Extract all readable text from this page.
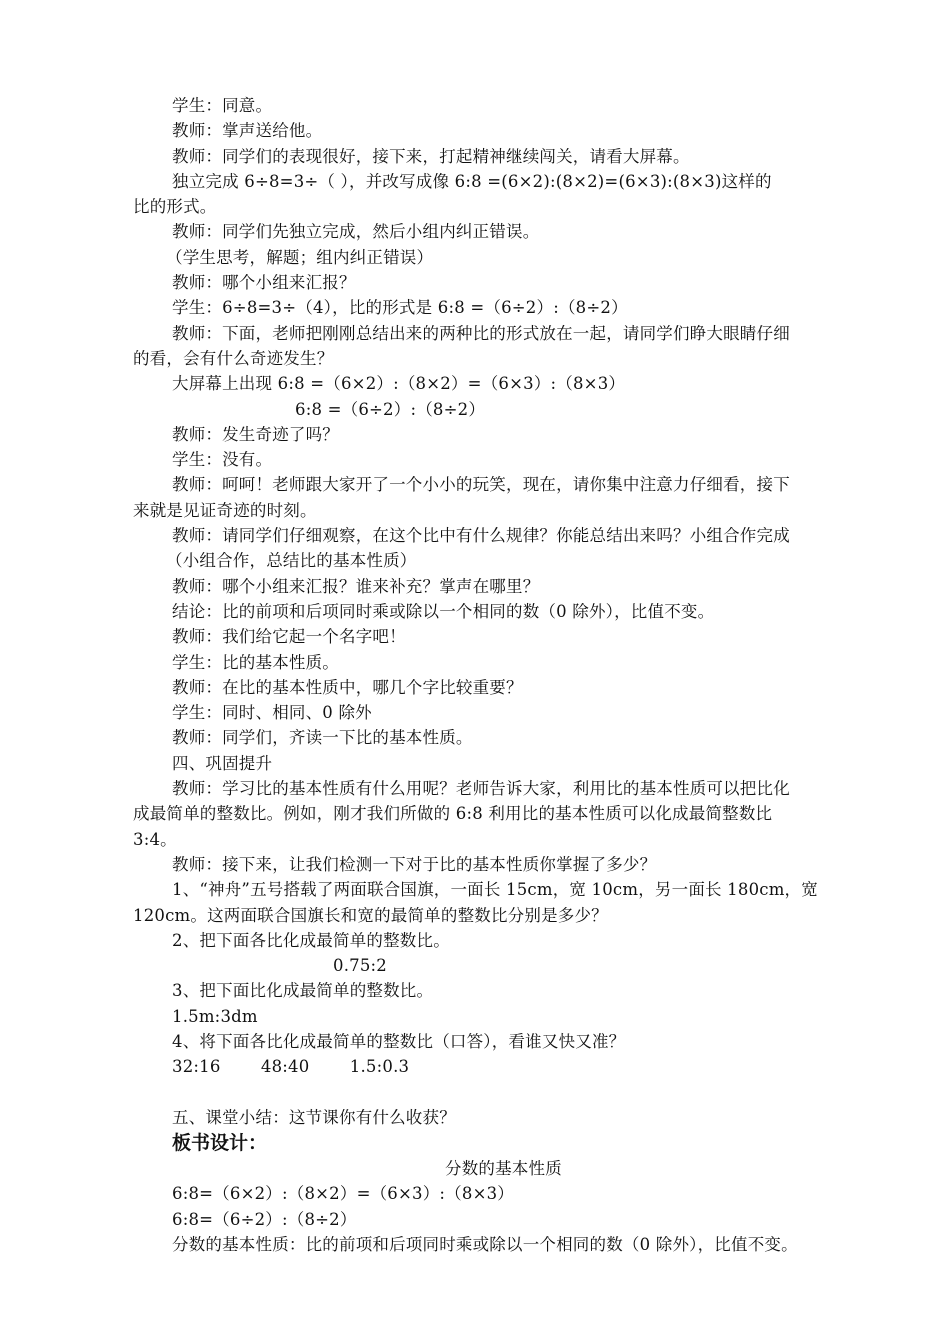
学生：同意。
教师：掌声送给他。
教师：同学们的表现很好，接下来，打起精神继续闯关，请看大屏幕。
独立完成 6÷8=3÷（ ），并改写成像 6:8 =(6×2):(8×2)=(6×3):(8×3)这样的
比的形式。
教师：同学们先独立完成，然后小组内纠正错误。
（学生思考，解题；组内纠正错误）
教师：哪个小组来汇报？
学生：6÷8=3÷（4），比的形式是 6:8 =（6÷2）:（8÷2）
教师：下面，老师把刚刚总结出来的两种比的形式放在一起，请同学们睁大眼睛仔细
的看，会有什么奇迹发生？
大屏幕上出现 6:8 =（6×2）:（8×2）=（6×3）:（8×3）
6:8 =（6÷2）:（8÷2）
教师：发生奇迹了吗？
学生：没有。
教师：呵呵！老师跟大家开了一个小小的玩笑，现在，请你集中注意力仔细看，接下
来就是见证奇迹的时刻。
教师：请同学们仔细观察，在这个比中有什么规律？你能总结出来吗？小组合作完成
（小组合作，总结比的基本性质）
教师：哪个小组来汇报？谁来补充？掌声在哪里？
结论：比的前项和后项同时乘或除以一个相同的数（0 除外），比值不变。
教师：我们给它起一个名字吧！
学生：比的基本性质。
教师：在比的基本性质中，哪几个字比较重要？
学生：同时、相同、0 除外
教师：同学们，齐读一下比的基本性质。
四、巩固提升
教师：学习比的基本性质有什么用呢？老师告诉大家，利用比的基本性质可以把比化
成最简单的整数比。例如，刚才我们所做的 6:8 利用比的基本性质可以化成最简整数比
3:4。
教师：接下来，让我们检测一下对于比的基本性质你掌握了多少？
1、“神舟”五号搭载了两面联合国旗，一面长 15cm，宽 10cm，另一面长 180cm，宽
120cm。这两面联合国旗长和宽的最简单的整数比分别是多少？
2、把下面各比化成最简单的整数比。
0.75:2
3、把下面比化成最简单的整数比。
1.5m:3dm
4、将下面各比化成最简单的整数比（口答），看谁又快又准？
32:16   48:40   1.5:0.3
五、课堂小结：这节课你有什么收获？
板书设计：
分数的基本性质
6:8=（6×2）:（8×2）=（6×3）:（8×3）
6:8=（6÷2）:（8÷2）
分数的基本性质：比的前项和后项同时乘或除以一个相同的数（0 除外），比值不变。
